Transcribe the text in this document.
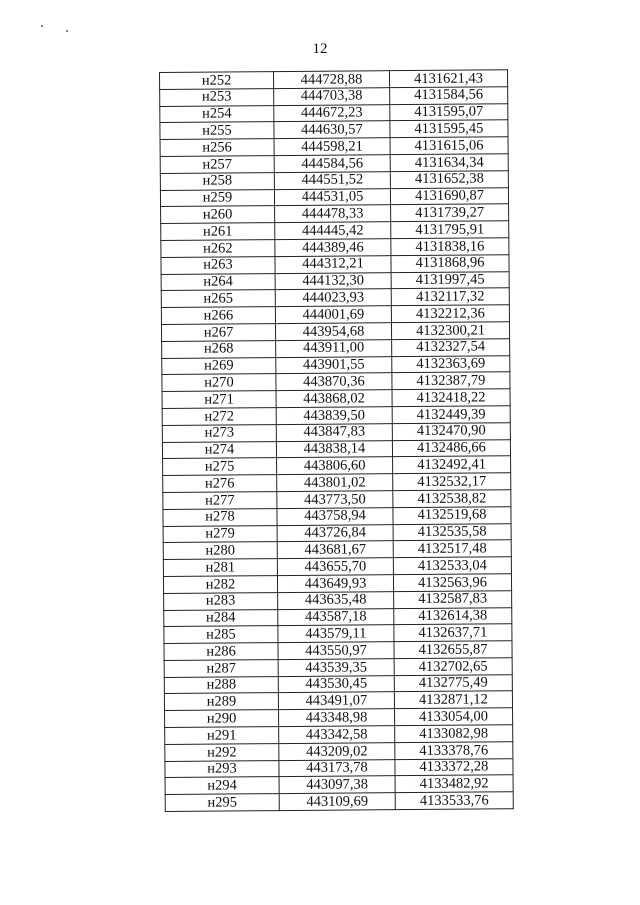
12
н252	444728,88	4131621,43
н253	444703,38	4131584,56
н254	444672,23	4131595,07
н255	444630,57	4131595,45
н256	444598,21	4131615,06
н257	444584,56	4131634,34
н258	444551,52	4131652,38
н259	444531,05	4131690,87
н260	444478,33	4131739,27
н261	444445,42	4131795,91
н262	444389,46	4131838,16
н263	444312,21	4131868,96
н264	444132,30	4131997,45
н265	444023,93	4132117,32
н266	444001,69	4132212,36
н267	443954,68	4132300,21
н268	443911,00	4132327,54
н269	443901,55	4132363,69
н270	443870,36	4132387,79
н271	443868,02	4132418,22
н272	443839,50	4132449,39
н273	443847,83	4132470,90
н274	443838,14	4132486,66
н275	443806,60	4132492,41
н276	443801,02	4132532,17
н277	443773,50	4132538,82
н278	443758,94	4132519,68
н279	443726,84	4132535,58
н280	443681,67	4132517,48
н281	443655,70	4132533,04
н282	443649,93	4132563,96
н283	443635,48	4132587,83
н284	443587,18	4132614,38
н285	443579,11	4132637,71
н286	443550,97	4132655,87
н287	443539,35	4132702,65
н288	443530,45	4132775,49
н289	443491,07	4132871,12
н290	443348,98	4133054,00
н291	443342,58	4133082,98
н292	443209,02	4133378,76
н293	443173,78	4133372,28
н294	443097,38	4133482,92
н295	443109,69	4133533,76
